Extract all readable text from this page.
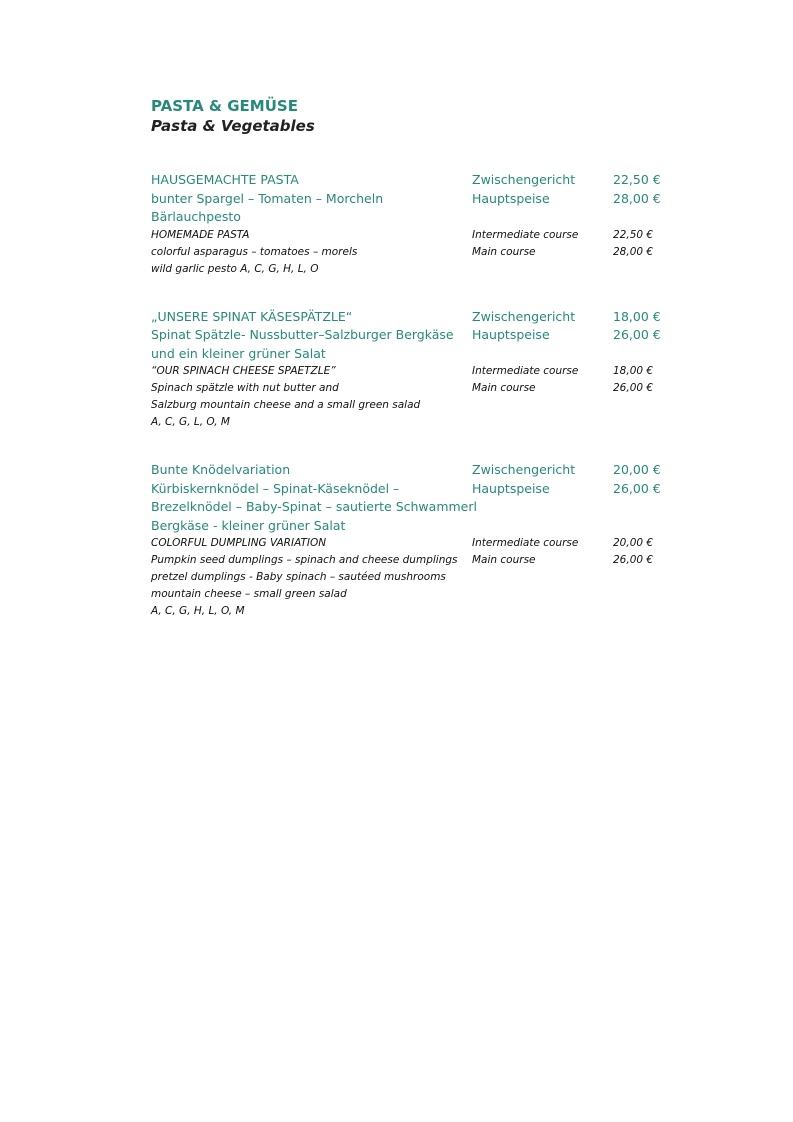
PASTA & GEMÜSE
Pasta & Vegetables
HAUSGEMACHTE PASTA	Zwischengericht	22,50 €
bunter Spargel – Tomaten – Morcheln	Hauptspeise	28,00 €
Bärlauchpesto
HOMEMADE PASTA	Intermediate course	22,50 €
colorful asparagus – tomatoes – morels	Main course	28,00 €
wild garlic pesto A, C, G, H, L, O
„UNSERE SPINAT KÄSESPÄTZLE“	Zwischengericht	18,00 €
Spinat Spätzle- Nussbutter–Salzburger Bergkäse	Hauptspeise	26,00 €
und ein kleiner grüner Salat
“OUR SPINACH CHEESE SPAETZLE”	Intermediate course	18,00 €
Spinach spätzle with nut butter and	Main course	26,00 €
Salzburg mountain cheese and a small green salad
A, C, G, L, O, M
Bunte Knödelvariation	Zwischengericht	20,00 €
Kürbiskernknödel – Spinat-Käseknödel –	Hauptspeise	26,00 €
Brezelknödel – Baby-Spinat – sautierte Schwammerl
Bergkäse - kleiner grüner Salat
COLORFUL DUMPLING VARIATION	Intermediate course	20,00 €
Pumpkin seed dumplings – spinach and cheese dumplings	Main course	26,00 €
pretzel dumplings - Baby spinach – sautéed mushrooms
mountain cheese – small green salad
A, C, G, H, L, O, M
